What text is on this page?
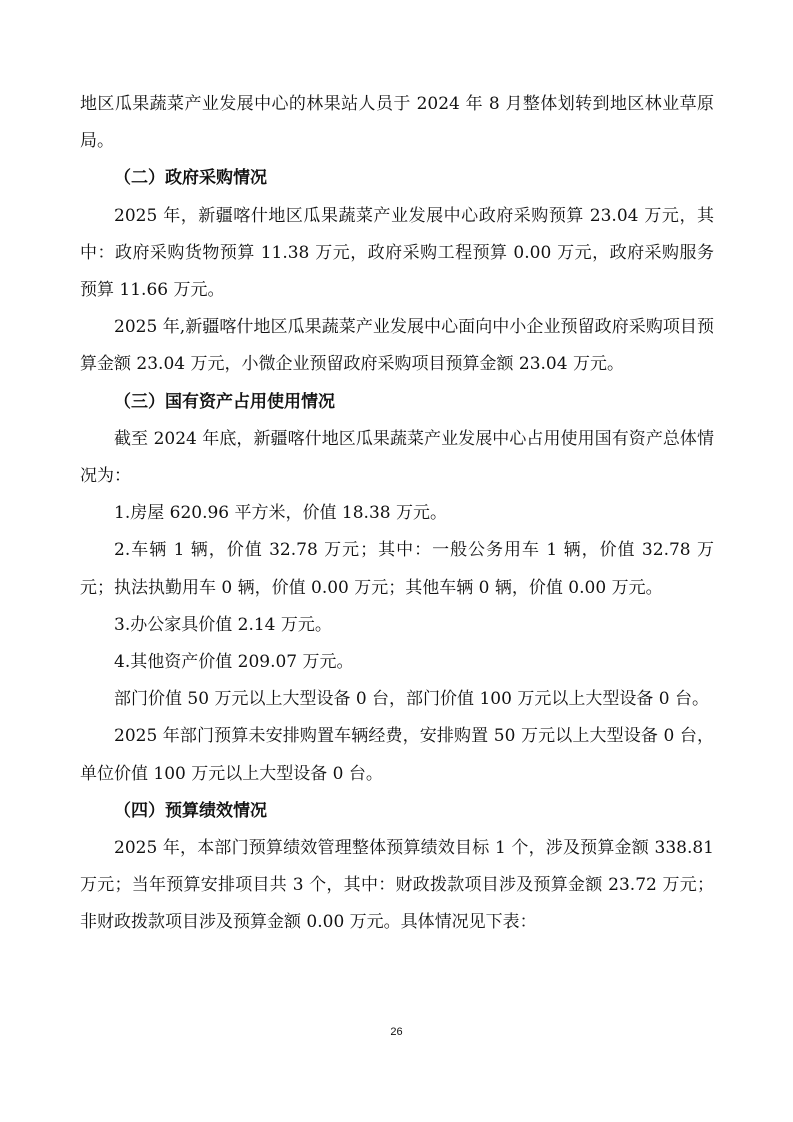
地区瓜果蔬菜产业发展中心的林果站人员于 2024 年 8 月整体划转到地区林业草原局。

（二）政府采购情况

2025 年，新疆喀什地区瓜果蔬菜产业发展中心政府采购预算 23.04 万元，其中：政府采购货物预算 11.38 万元，政府采购工程预算 0.00 万元，政府采购服务预算 11.66 万元。

2025 年,新疆喀什地区瓜果蔬菜产业发展中心面向中小企业预留政府采购项目预算金额 23.04 万元，小微企业预留政府采购项目预算金额 23.04 万元。

（三）国有资产占用使用情况

截至 2024 年底，新疆喀什地区瓜果蔬菜产业发展中心占用使用国有资产总体情况为：

1.房屋 620.96 平方米，价值 18.38 万元。

2.车辆 1 辆，价值 32.78 万元；其中：一般公务用车 1 辆，价值 32.78 万元；执法执勤用车 0 辆，价值 0.00 万元；其他车辆 0 辆，价值 0.00 万元。

3.办公家具价值 2.14 万元。

4.其他资产价值 209.07 万元。

部门价值 50 万元以上大型设备 0 台，部门价值 100 万元以上大型设备 0 台。

2025 年部门预算未安排购置车辆经费，安排购置 50 万元以上大型设备 0 台，单位价值 100 万元以上大型设备 0 台。

（四）预算绩效情况

2025 年，本部门预算绩效管理整体预算绩效目标 1 个，涉及预算金额 338.81 万元；当年预算安排项目共 3 个，其中：财政拨款项目涉及预算金额 23.72 万元；非财政拨款项目涉及预算金额 0.00 万元。具体情况见下表：

26
